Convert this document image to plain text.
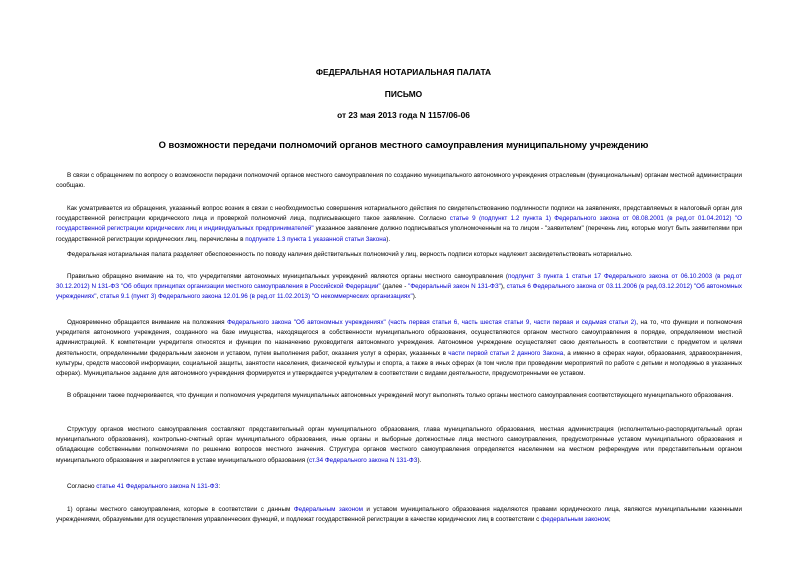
ФЕДЕРАЛЬНАЯ НОТАРИАЛЬНАЯ ПАЛАТА
ПИСЬМО
от 23 мая 2013 года N 1157/06-06
О возможности передачи полномочий органов местного самоуправления муниципальному учреждению
В связи с обращением по вопросу о возможности передачи полномочий органов местного самоуправления по созданию муниципального автономного учреждения отраслевым (функциональным) органам местной администрации сообщаю.
Как усматривается из обращения, указанный вопрос возник в связи с необходимостью совершения нотариального действия по свидетельствованию подлинности подписи на заявлениях, представляемых в налоговый орган для государственной регистрации юридического лица и проверкой полномочий лица, подписывающего такое заявление. Согласно статье 9 (подпункт 1.2 пункта 1) Федерального закона от 08.08.2001 (в ред.от 01.04.2012) "О государственной регистрации юридических лиц и индивидуальных предпринимателей" указанное заявление должно подписываться уполномоченным на то лицом - "заявителем" (перечень лиц, которые могут быть заявителями при государственной регистрации юридических лиц, перечислены в подпункте 1.3 пункта 1 указанной статьи Закона).
Федеральная нотариальная палата разделяет обеспокоенность по поводу наличия действительных полномочий у лиц, верность подписи которых надлежит засвидетельствовать нотариально.
Правильно обращено внимание на то, что учредителями автономных муниципальных учреждений являются органы местного самоуправления (подпункт 3 пункта 1 статьи 17 Федерального закона от 06.10.2003 (в ред.от 30.12.2012) N 131-ФЗ "Об общих принципах организации местного самоуправления в Российской Федерации" (далее - "Федеральный закон N 131-ФЗ"), статья 6 Федерального закона от 03.11.2006 (в ред.03.12.2012) "Об автономных учреждениях", статья 9.1 (пункт 3) Федерального закона 12.01.96 (в ред.от 11.02.2013) "О некоммерческих организациях").
Одновременно обращается внимание на положения Федерального закона "Об автономных учреждениях" (часть первая статьи 6, часть шестая статьи 9, части первая и седьмая статьи 2), на то, что функции и полномочия учредителя автономного учреждения, созданного на базе имущества, находящегося в собственности муниципального образования, осуществляются органом местного самоуправления в порядке, определяемом местной администрацией. К компетенции учредителя относятся и функции по назначению руководителя автономного учреждения. Автономное учреждение осуществляет свою деятельность в соответствии с предметом и целями деятельности, определенными федеральным законом и уставом, путем выполнения работ, оказания услуг в сферах, указанных в части первой статьи 2 данного Закона, а именно в сферах науки, образования, здравоохранения, культуры, средств массовой информации, социальной защиты, занятости населения, физической культуры и спорта, а также в иных сферах (в том числе при проведении мероприятий по работе с детьми и молодежью в указанных сферах). Муниципальное задание для автономного учреждения формируется и утверждается учредителем в соответствии с видами деятельности, предусмотренными ее уставом.
В обращении также подчеркивается, что функции и полномочия учредителя муниципальных автономных учреждений могут выполнять только органы местного самоуправления соответствующего муниципального образования.
Структуру органов местного самоуправления составляют представительный орган муниципального образования, глава муниципального образования, местная администрация (исполнительно-распорядительный орган муниципального образования), контрольно-счетный орган муниципального образования, иные органы и выборные должностные лица местного самоуправления, предусмотренные уставом муниципального образования и обладающие собственными полномочиями по решению вопросов местного значения. Структура органов местного самоуправления определяется населением на местном референдуме или представительным органом муниципального образования и закрепляется в уставе муниципального образования (ст.34 Федерального закона N 131-ФЗ).
Согласно статье 41 Федерального закона N 131-ФЗ:
1) органы местного самоуправления, которые в соответствии с данным Федеральным законом и уставом муниципального образования наделяются правами юридического лица, являются муниципальными казенными учреждениями, образуемыми для осуществления управленческих функций, и подлежат государственной регистрации в качестве юридических лиц в соответствии с федеральным законом;
